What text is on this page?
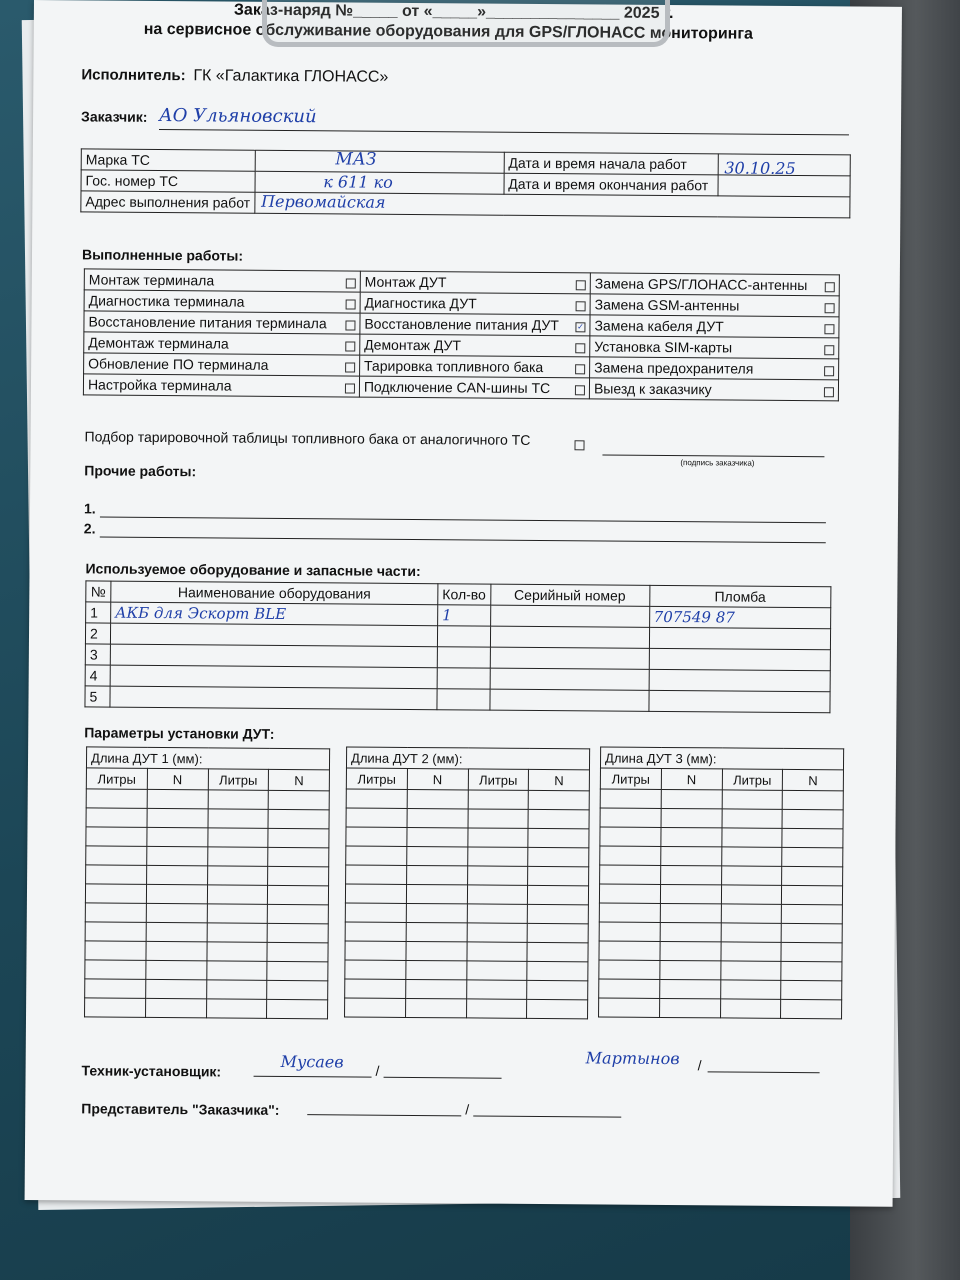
Заказ-наряд №_____ от «_____»_______________ 2025 г.
на сервисное обслуживание оборудования для GPS/ГЛОНАСС мониторинга
Исполнитель: ГК «Галактика ГЛОНАСС»
Заказчик: АО Ульяновский
Марка ТС	МАЗ	Дата и время начала работ	30.10.25

Гос. номер ТС	к 611 ко	Дата и время окончания работ	
Адрес выполнения работ	Первомайская		
Выполненные работы:
Монтаж терминала	Монтаж ДУТ	Замена GPS/ГЛОНАСС-антенны

Диагностика терминала	Диагностика ДУТ	Замена GSM-антенны

Восстановление питания терминала	Восстановление питания ДУТ ✓	Замена кабеля ДУТ

Демонтаж терминала	Демонтаж ДУТ	Установка SIM-карты

Обновление ПО терминала	Тарировка топливного бака	Замена предохранителя

Настройка терминала	Подключение CAN-шины ТС	Выезд к заказчику
Подбор тарировочной таблицы топливного бака от аналогичного ТС
(подпись заказчика)
Прочие работы:
1.
2.
Используемое оборудование и запасные части:
№	Наименование оборудования	Кол-во	Серийный номер	Пломба
1	АКБ для Эскорт ВLE	1		707549 87
2				
3				
4				
5				
Параметры установки ДУТ:
Длина ДУТ 1 (мм):			
Литры	N	Литры	N

Длина ДУТ 2 (мм):			
Литры	N	Литры	N

Длина ДУТ 3 (мм):			
Литры	N	Литры	N

Техник-установщик:	Мусаев /
Мартынов /
Представитель "Заказчика":	/
